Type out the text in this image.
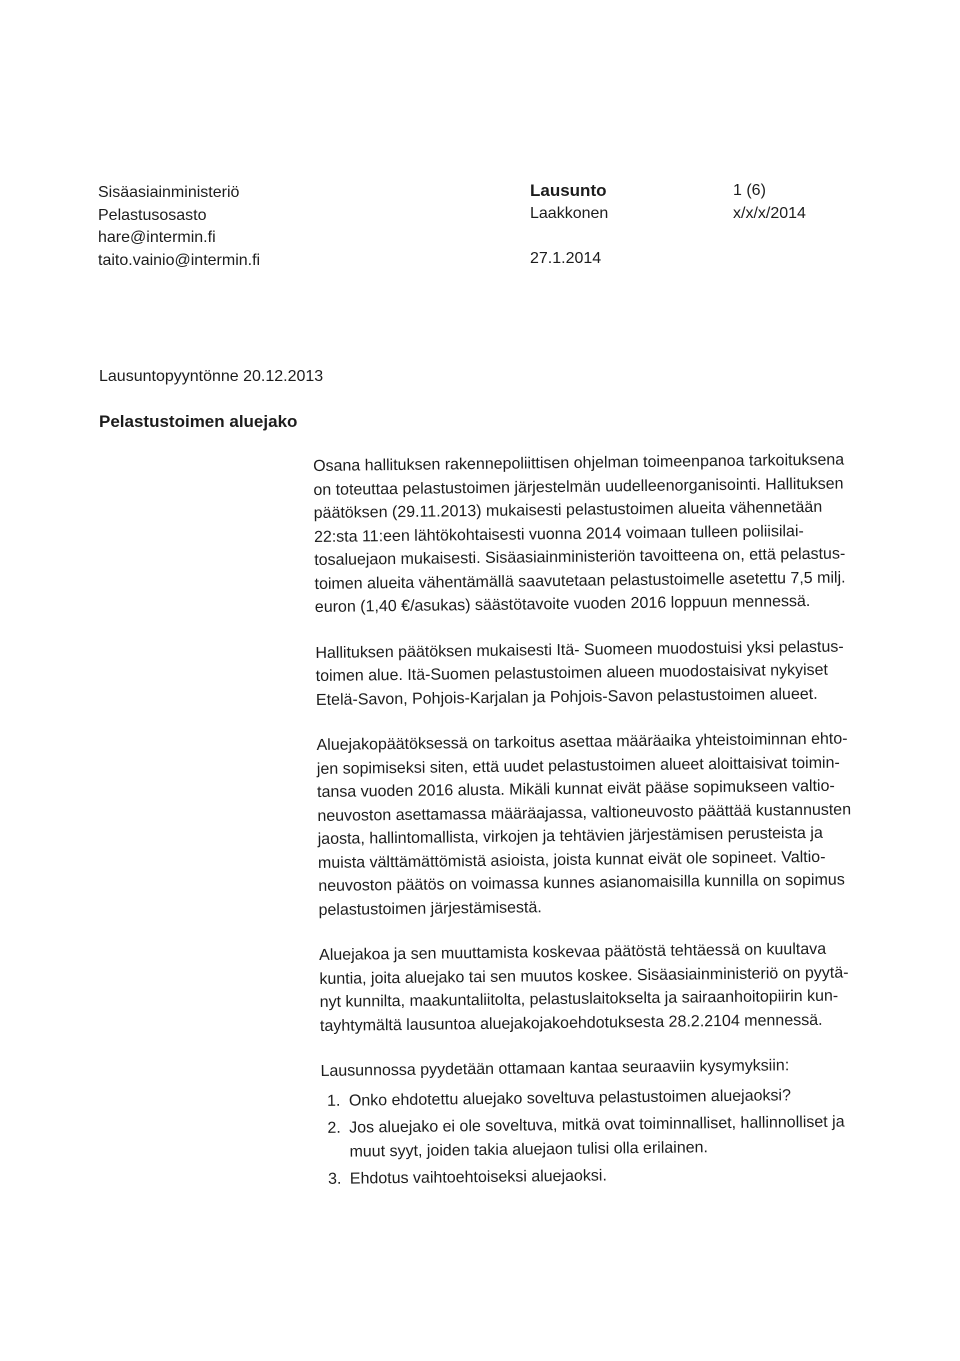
Sisäasiainministeriö
Pelastusosasto
hare@intermin.fi
taito.vainio@intermin.fi
Lausunto
Laakkonen
27.1.2014
1 (6)
x/x/x/2014
Lausuntopyyntönne 20.12.2013
Pelastustoimen aluejako

Osana hallituksen rakennepoliittisen ohjelman toimeenpanoa tarkoituksena on toteuttaa pelastustoimen järjestelmän uudelleenorganisointi. Hallituksen päätöksen (29.11.2013) mukaisesti pelastustoimen alueita vähennetään 22:sta 11:een lähtökohtaisesti vuonna 2014 voimaan tulleen poliisilaitosaluejaon mukaisesti. Sisäasiainministeriön tavoitteena on, että pelastustoimen alueita vähentämällä saavutetaan pelastustoimelle asetettu 7,5 milj. euron (1,40 €/asukas) säästötavoite vuoden 2016 loppuun mennessä.

Hallituksen päätöksen mukaisesti Itä- Suomeen muodostuisi yksi pelastustoimen alue. Itä-Suomen pelastustoimen alueen muodostaisivat nykyiset Etelä-Savon, Pohjois-Karjalan ja Pohjois-Savon pelastustoimen alueet.

Aluejakopäätöksessä on tarkoitus asettaa määräaika yhteistoiminnan ehtojen sopimiseksi siten, että uudet pelastustoimen alueet aloittaisivat toimintansa vuoden 2016 alusta. Mikäli kunnat eivät pääse sopimukseen valtioneuvoston asettamassa määräajassa, valtioneuvosto päättää kustannusten jaosta, hallintomallista, virkojen ja tehtävien järjestämisen perusteista ja muista välttämättömistä asioista, joista kunnat eivät ole sopineet. Valtioneuvoston päätös on voimassa kunnes asianomaisilla kunnilla on sopimus pelastustoimen järjestämisestä.

Aluejakoa ja sen muuttamista koskevaa päätöstä tehtäessä on kuultava kuntia, joita aluejako tai sen muutos koskee. Sisäasiainministeriö on pyytänyt kunnilta, maakuntaliitolta, pelastuslaitokselta ja sairaanhoitopiirin kuntayhtymältä lausuntoa aluejakojakoehdotuksesta 28.2.2104 mennessä.

Lausunnossa pyydetään ottamaan kantaa seuraaviin kysymyksiin:

1. Onko ehdotettu aluejako soveltuva pelastustoimen aluejaoksi?
2. Jos aluejako ei ole soveltuva, mitkä ovat toiminnalliset, hallinnolliset ja muut syyt, joiden takia aluejaon tulisi olla erilainen.
3. Ehdotus vaihtoehtoiseksi aluejaoksi.
